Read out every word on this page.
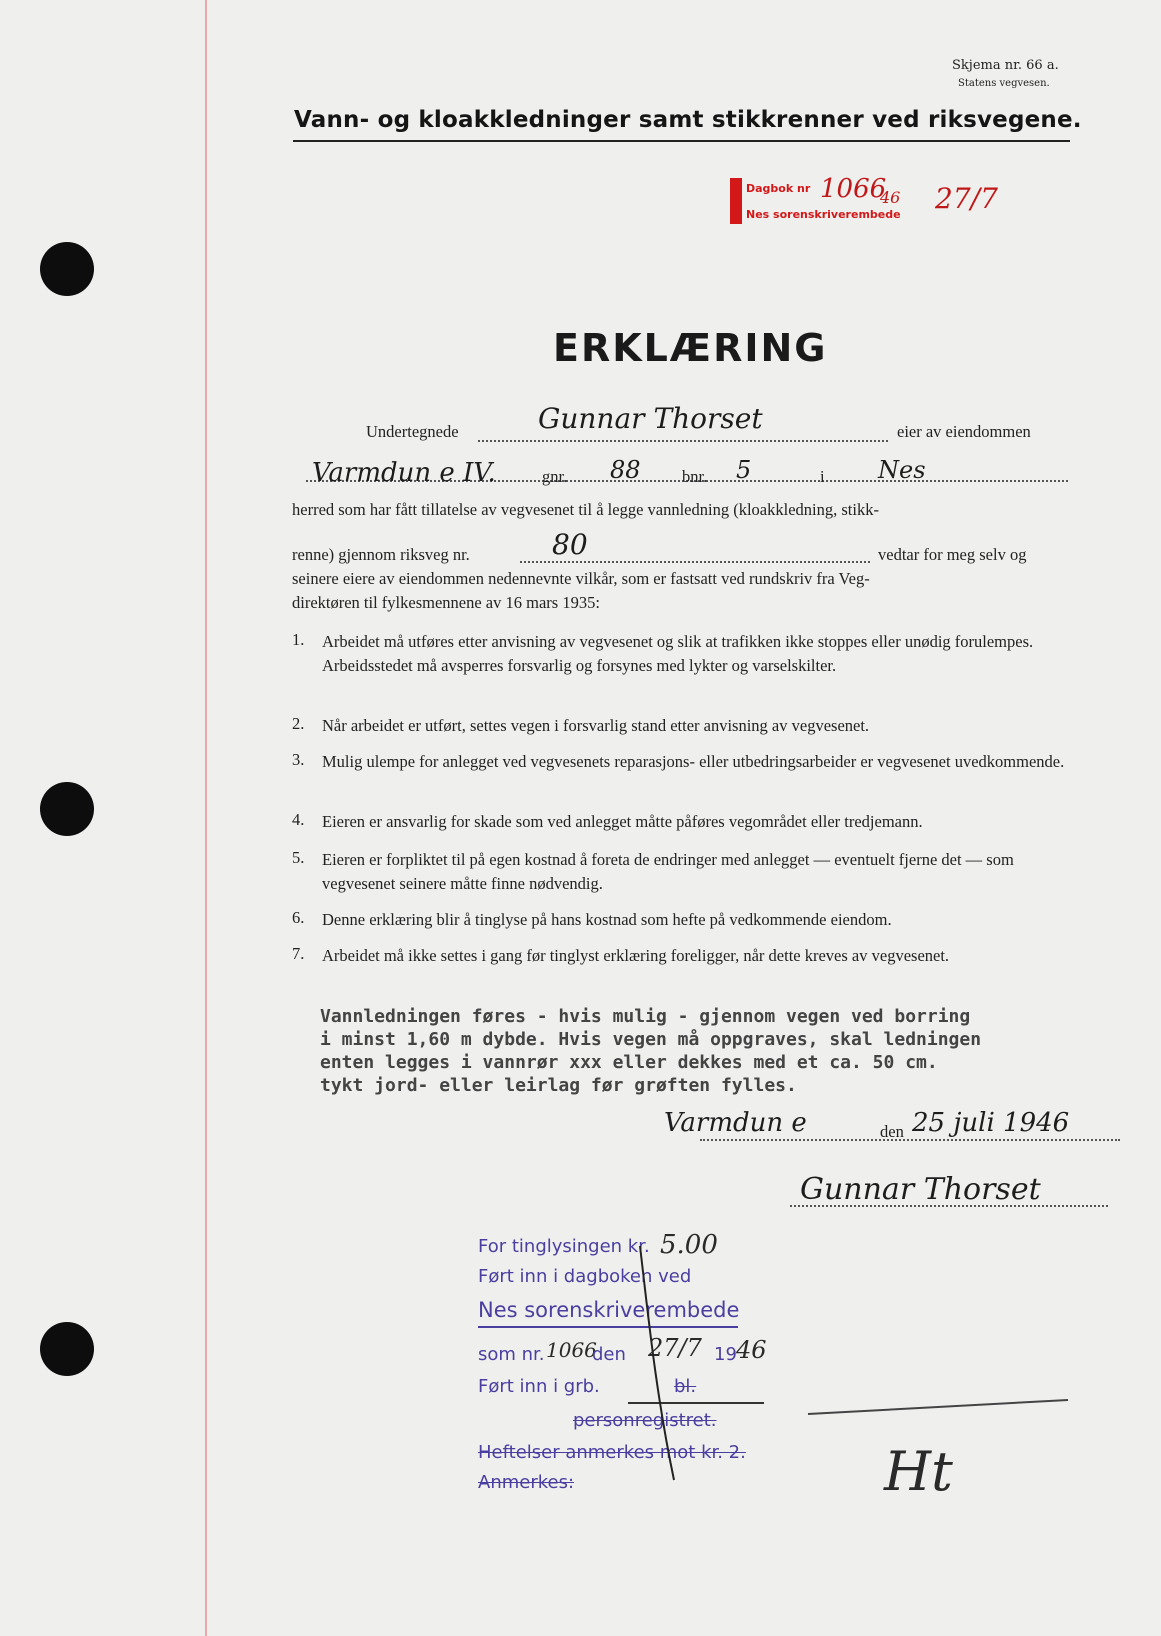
Skjema nr. 66 a.
Statens vegvesen.
Vann- og kloakkledninger samt stikkrenner ved riksvegene.
Dagbok nr
Nes sorenskriverembede
1066
46 27/7
ERKLÆRING
Undertegnede	Gunnar Thorset	eier av eiendommen
Varmdun e IV.	gnr. 88	bnr. 5	i Nes
herred som har fått tillatelse av vegvesenet til å legge vannledning (kloakkledning, stikk-
renne) gjennom riksveg nr.	80	vedtar for meg selv og
seinere eiere av eiendommen nedennevnte vilkår, som er fastsatt ved rundskriv fra Veg-
direktøren til fylkesmennene av 16 mars 1935:
1. Arbeidet må utføres etter anvisning av vegvesenet og slik at trafikken ikke stoppes eller unødig forulempes. Arbeidsstedet må avsperres forsvarlig og forsynes med lykter og varselskilter.
2. Når arbeidet er utført, settes vegen i forsvarlig stand etter anvisning av vegvesenet.
3. Mulig ulempe for anlegget ved vegvesenets reparasjons- eller utbedringsarbeider er vegvesenet uvedkommende.
4. Eieren er ansvarlig for skade som ved anlegget måtte påføres vegområdet eller tredjemann.
5. Eieren er forpliktet til på egen kostnad å foreta de endringer med anlegget — eventuelt fjerne det — som vegvesenet seinere måtte finne nødvendig.
6. Denne erklæring blir å tinglyse på hans kostnad som hefte på vedkommende eiendom.
7. Arbeidet må ikke settes i gang før tinglyst erklæring foreligger, når dette kreves av vegvesenet.
Vannledningen føres - hvis mulig - gjennom vegen ved borring
i minst 1,60 m dybde. Hvis vegen må oppgraves, skal ledningen
enten legges i vannrør xxx eller dekkes med et ca. 50 cm.
tykt jord- eller leirlag før grøften fylles.
Varmdun e	den 25 juli 1946
Gunnar Thorset
For tinglysingen kr. 5.00
Ført inn i dagboken ved
Nes sorenskriverembede
som nr. 1066
den 27/7 19 46
Ført inn i grb.	bl.
personregistret.
Heftelser anmerkes mot kr. 2.
Anmerkes:	Ht
